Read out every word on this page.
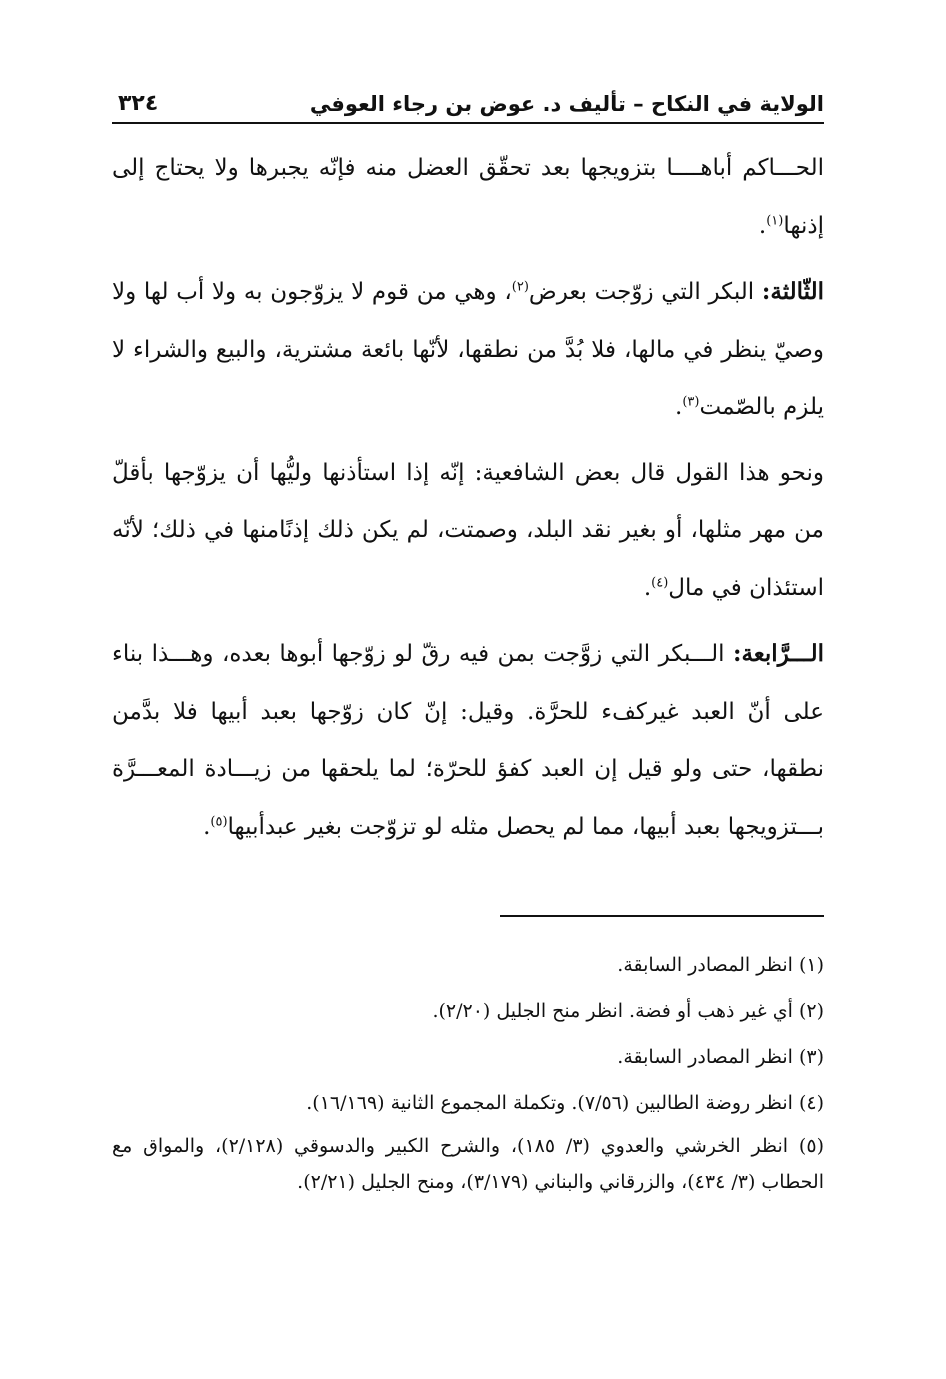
الولاية في النكاح – تأليف د. عوض بن رجاء العوفي
٣٢٤

الحـــاكم أباهــــا بتزويجها بعد تحقّق العضل منه فإنّه يجبرها ولا يحتاج إلى إذنها$^{(١)}$.

الثّالثة: البكر التي زوّجت بعرض$^{(٢)}$، وهي من قوم لا يزوّجون به ولا أب لها ولا وصيّ ينظر في مالها، فلا بُدَّ من نطقها، لأنّها بائعة مشترية، والبيع والشراء لا يلزم بالصّمت$^{(٣)}$.

ونحو هذا القول قال بعض الشافعية: إنّه إذا استأذنها وليُّها أن يزوّجها بأقلّ من مهر مثلها، أو بغير نقد البلد، وصمتت، لم يكن ذلك إذنًامنها في ذلك؛ لأنّه استئذان في مال$^{(٤)}$.

الـــرَّابعة: الـــبكر التي زوَّجت بمن فيه رقّ لو زوّجها أبوها بعده، وهـــذا بناء على أنّ العبد غيركفء للحرَّة. وقيل: إنّ كان زوّجها بعبد أبيها فلا بدَّمن نطقها، حتى ولو قيل إن العبد كفؤ للحرّة؛ لما يلحقها من زيـــادة المعـــرَّة بـــتزويجها بعبد أبيها، مما لم يحصل مثله لو تزوّجت بغير عبدأبيها$^{(٥)}$.

(١) انظر المصادر السابقة.
(٢) أي غير ذهب أو فضة. انظر منح الجليل (٢/٢٠).
(٣) انظر المصادر السابقة.
(٤) انظر روضة الطالبين (٧/٥٦). وتكملة المجموع الثانية (١٦/١٦٩).
(٥) انظر الخرشي والعدوي (٣/ ١٨٥)، والشرح الكبير والدسوقي (٢/١٢٨)، والمواق مع الحطاب (٣/ ٤٣٤)، والزرقاني والبناني (٣/١٧٩)، ومنح الجليل (٢/٢١).
